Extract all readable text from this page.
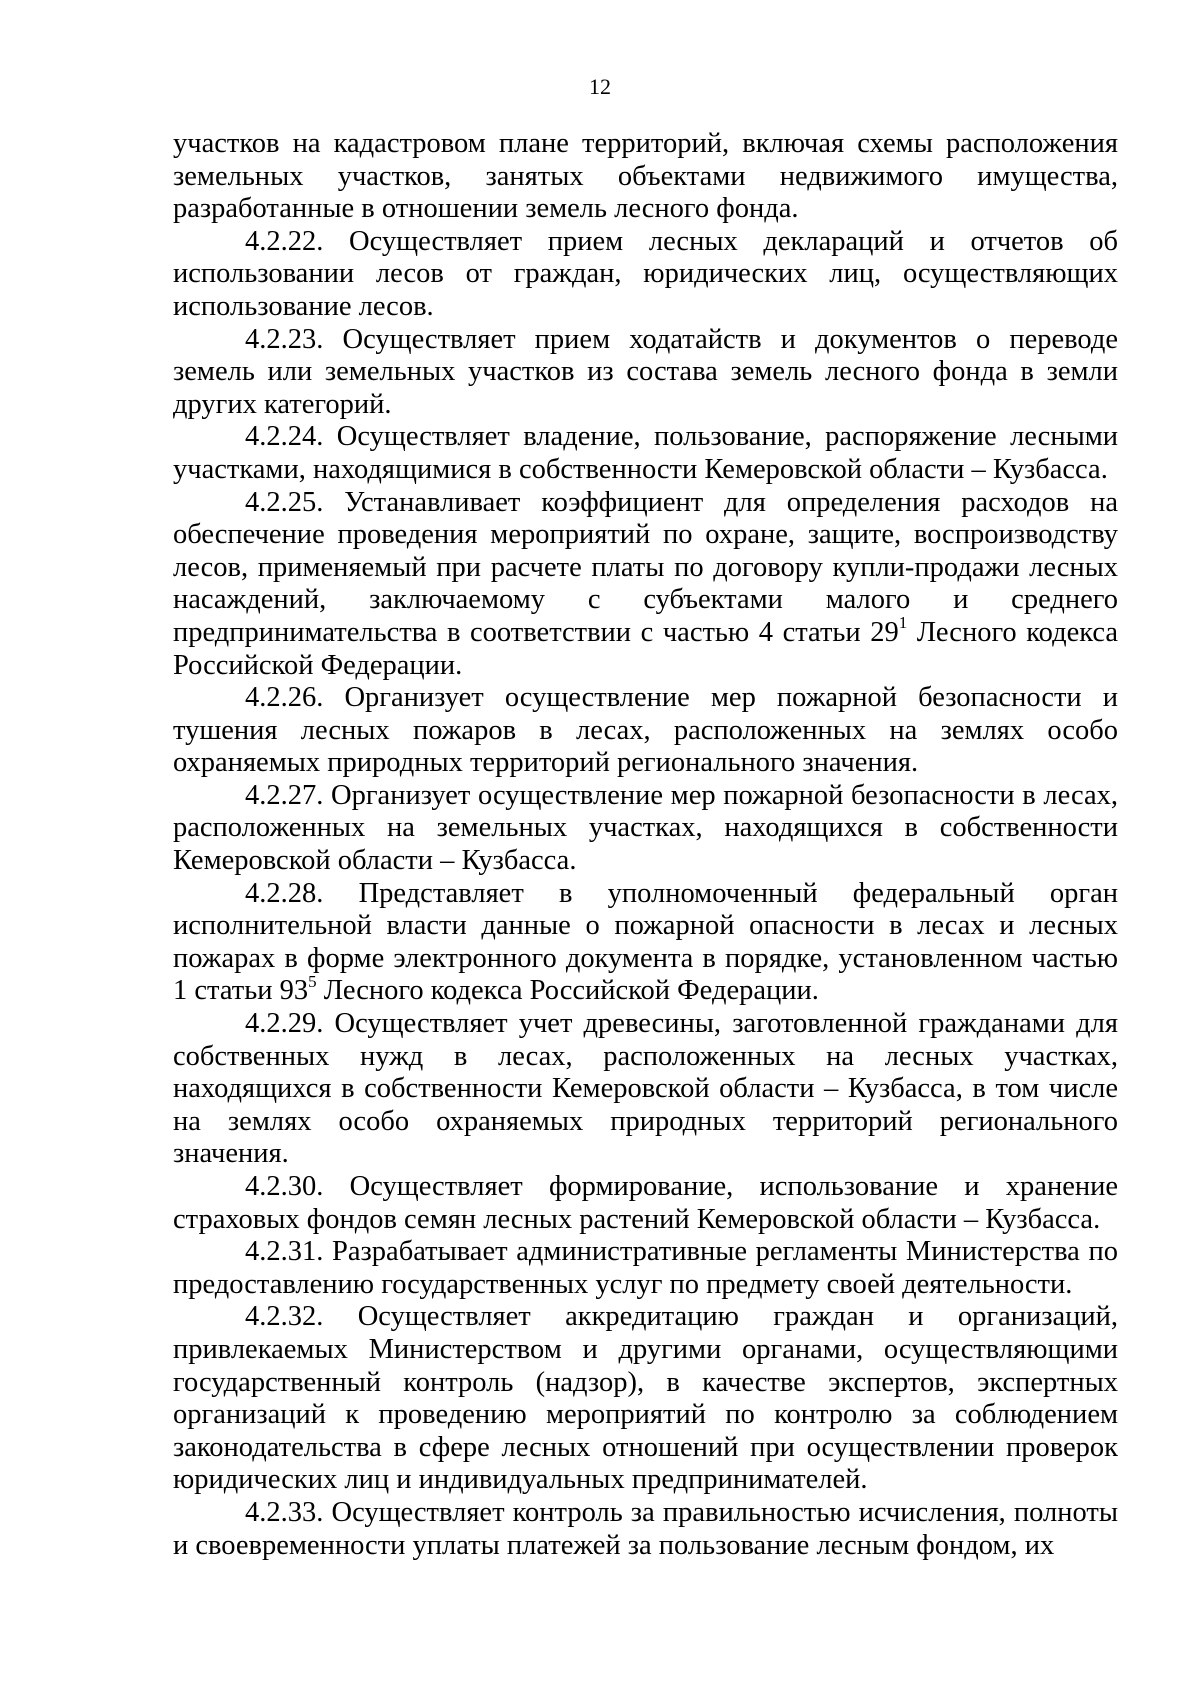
12

участков на кадастровом плане территорий, включая схемы расположения земельных участков, занятых объектами недвижимого имущества, разработанные в отношении земель лесного фонда.

4.2.22. Осуществляет прием лесных деклараций и отчетов об использовании лесов от граждан, юридических лиц, осуществляющих использование лесов.

4.2.23. Осуществляет прием ходатайств и документов о переводе земель или земельных участков из состава земель лесного фонда в земли других категорий.

4.2.24. Осуществляет владение, пользование, распоряжение лесными участками, находящимися в собственности Кемеровской области – Кузбасса.

4.2.25. Устанавливает коэффициент для определения расходов на обеспечение проведения мероприятий по охране, защите, воспроизводству лесов, применяемый при расчете платы по договору купли-продажи лесных насаждений, заключаемому с субъектами малого и среднего предпринимательства в соответствии с частью 4 статьи $29^1$ Лесного кодекса Российской Федерации.

4.2.26. Организует осуществление мер пожарной безопасности и тушения лесных пожаров в лесах, расположенных на землях особо охраняемых природных территорий регионального значения.

4.2.27. Организует осуществление мер пожарной безопасности в лесах, расположенных на земельных участках, находящихся в собственности Кемеровской области – Кузбасса.

4.2.28. Представляет в уполномоченный федеральный орган исполнительной власти данные о пожарной опасности в лесах и лесных пожарах в форме электронного документа в порядке, установленном частью 1 статьи $93^5$ Лесного кодекса Российской Федерации.

4.2.29. Осуществляет учет древесины, заготовленной гражданами для собственных нужд в лесах, расположенных на лесных участках, находящихся в собственности Кемеровской области – Кузбасса, в том числе на землях особо охраняемых природных территорий регионального значения.

4.2.30. Осуществляет формирование, использование и хранение страховых фондов семян лесных растений Кемеровской области – Кузбасса.

4.2.31. Разрабатывает административные регламенты Министерства по предоставлению государственных услуг по предмету своей деятельности.

4.2.32. Осуществляет аккредитацию граждан и организаций, привлекаемых Министерством и другими органами, осуществляющими государственный контроль (надзор), в качестве экспертов, экспертных организаций к проведению мероприятий по контролю за соблюдением законодательства в сфере лесных отношений при осуществлении проверок юридических лиц и индивидуальных предпринимателей.

4.2.33. Осуществляет контроль за правильностью исчисления, полноты и своевременности уплаты платежей за пользование лесным фондом, их
